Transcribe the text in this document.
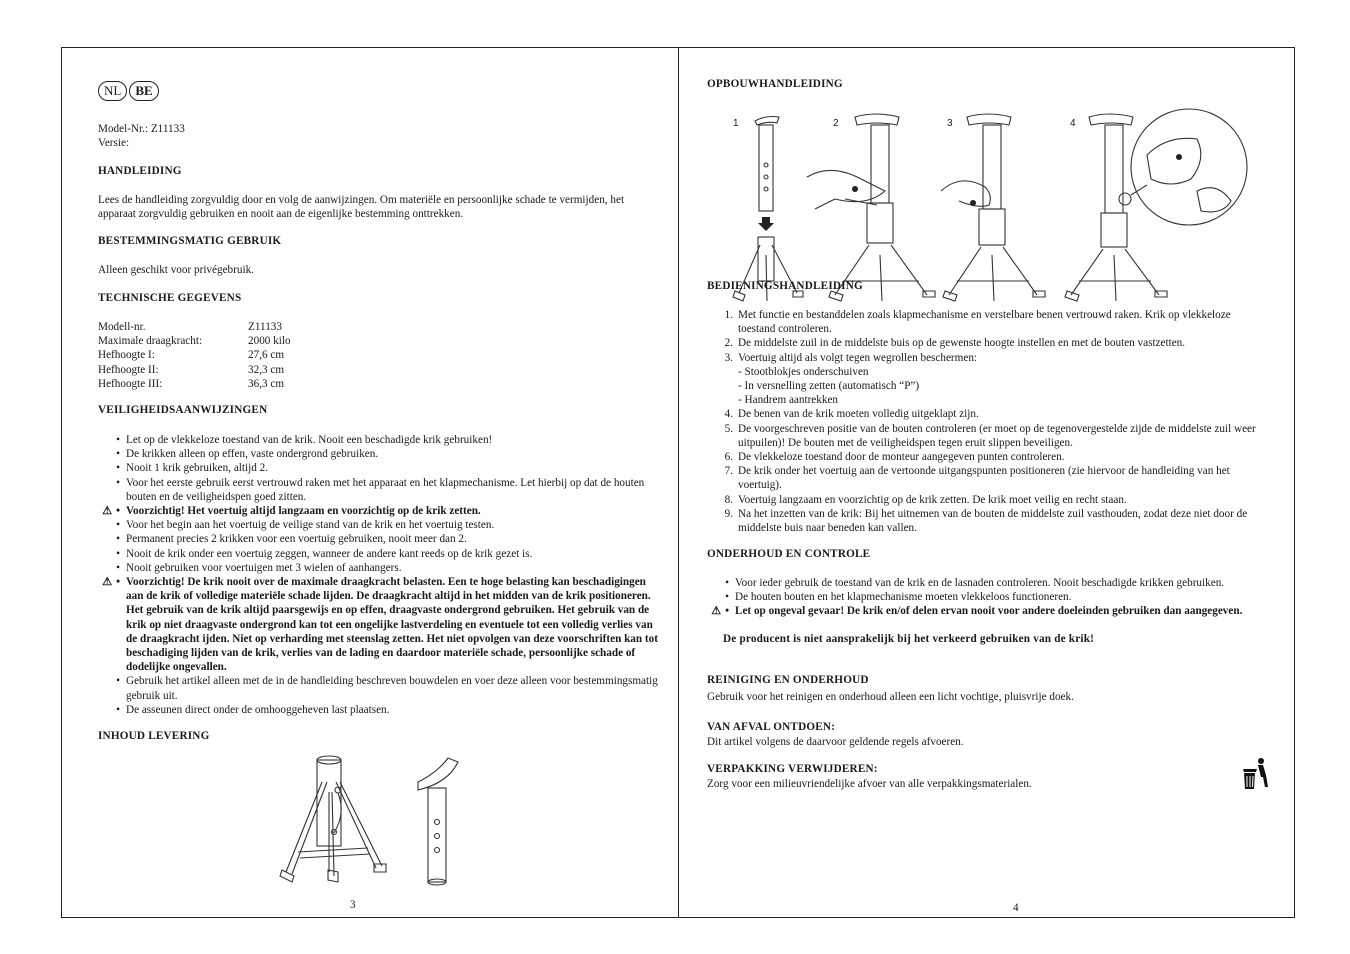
NL BE

Model-Nr.: Z11133

Versie:

HANDLEIDING

Lees de handleiding zorgvuldig door en volg de aanwijzingen. Om materiële en persoonlijke schade te vermijden, het apparaat zorgvuldig gebruiken en nooit aan de eigenlijke bestemming onttrekken.

BESTEMMINGSMATIG GEBRUIK

Alleen geschikt voor privégebruik.

TECHNISCHE GEGEVENS

Modell-nr.	Z11133
Maximale draagkracht:	2000 kilo
Hefhoogte I:	27,6 cm
Hefhoogte II:	32,3 cm
Hefhoogte III:	36,3 cm

VEILIGHEIDSAANWIJZINGEN

• Let op de vlekkeloze toestand van de krik. Nooit een beschadigde krik gebruiken!
• De krikken alleen op effen, vaste ondergrond gebruiken.
• Nooit 1 krik gebruiken, altijd 2.
• Voor het eerste gebruik eerst vertrouwd raken met het apparaat en het klapmechanisme. Let hierbij op dat de houten bouten en de veiligheidspen goed zitten.
⚠ • Voorzichtig! Het voertuig altijd langzaam en voorzichtig op de krik zetten.
• Voor het begin aan het voertuig de veilige stand van de krik en het voertuig testen.
• Permanent precies 2 krikken voor een voertuig gebruiken, nooit meer dan 2.
• Nooit de krik onder een voertuig zeggen, wanneer de andere kant reeds op de krik gezet is.
• Nooit gebruiken voor voertuigen met 3 wielen of aanhangers.
⚠ • Voorzichtig! De krik nooit over de maximale draagkracht belasten. Een te hoge belasting kan beschadigingen aan de krik of volledige materiële schade lijden. De draagkracht altijd in het midden van de krik positioneren. Het gebruik van de krik altijd paarsgewijs en op effen, draagvaste ondergrond gebruiken. Het gebruik van de krik op niet draagvaste ondergrond kan tot een ongelijke lastverdeling en eventuele tot een volledig verlies van de draagkracht ijden. Niet op verharding met steenslag zetten. Het niet opvolgen van deze voorschriften kan tot beschadiging lijden van de krik, verlies van de lading en daardoor materiële schade, persoonlijke schade of dodelijke ongevallen.
• Gebruik het artikel alleen met de in de handleiding beschreven bouwdelen en voer deze alleen voor bestemmingsmatig gebruik uit.
• De asseunen direct onder de omhooggeheven last plaatsen.

INHOUD LEVERING

3

OPBOUWHANDLEIDING

1	2	3	4

BEDIENINGSHANDLEIDING

1. Met functie en bestanddelen zoals klapmechanisme en verstelbare benen vertrouwd raken. Krik op vlekkeloze toestand controleren.
2. De middelste zuil in de middelste buis op de gewenste hoogte instellen en met de bouten vastzetten.
3. Voertuig altijd als volgt tegen wegrollen beschermen:
- Stootblokjes onderschuiven
- In versnelling zetten (automatisch “P”)
- Handrem aantrekken
4. De benen van de krik moeten volledig uitgeklapt zijn.
5. De voorgeschreven positie van de bouten controleren (er moet op de tegenovergestelde zijde de middelste zuil weer uitpuilen)! De bouten met de veiligheidspen tegen eruit slippen beveiligen.
6. De vlekkeloze toestand door de monteur aangegeven punten controleren.
7. De krik onder het voertuig aan de vertoonde uitgangspunten positioneren (zie hiervoor de handleiding van het voertuig).
8. Voertuig langzaam en voorzichtig op de krik zetten. De krik moet veilig en recht staan.
9. Na het inzetten van de krik: Bij het uitnemen van de bouten de middelste zuil vasthouden, zodat deze niet door de middelste buis naar beneden kan vallen.

ONDERHOUD EN CONTROLE

• Voor ieder gebruik de toestand van de krik en de lasnaden controleren. Nooit beschadigde krikken gebruiken.
• De houten bouten en het klapmechanisme moeten vlekkeloos functioneren.
⚠ • Let op ongeval gevaar! De krik en/of delen ervan nooit voor andere doeleinden gebruiken dan aangegeven.

De producent is niet aansprakelijk bij het verkeerd gebruiken van de krik!

REINIGING EN ONDERHOUD

Gebruik voor het reinigen en onderhoud alleen een licht vochtige, pluisvrije doek.

VAN AFVAL ONTDOEN:

Dit artikel volgens de daarvoor geldende regels afvoeren.

VERPAKKING VERWIJDEREN:

Zorg voor een milieuvriendelijke afvoer van alle verpakkingsmaterialen.

4
